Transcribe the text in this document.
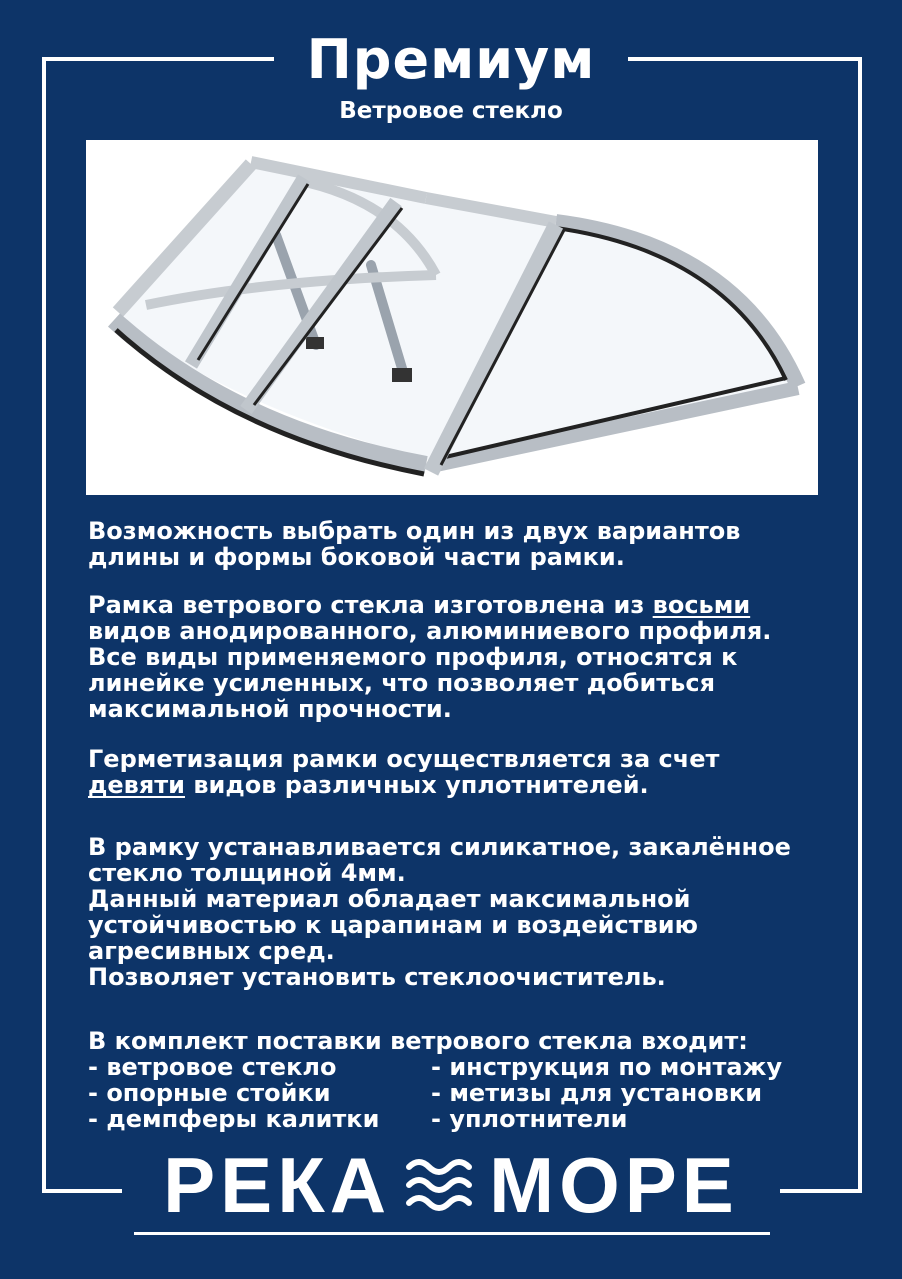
Премиум
Ветровое стекло

Возможность выбрать один из двух вариантов
длины и формы боковой части рамки.

Рамка ветрового стекла изготовлена из восьми
видов анодированного, алюминиевого профиля.
Все виды применяемого профиля, относятся к
линейке усиленных, что позволяет добиться
максимальной прочности.

Герметизация рамки осуществляется за счет
девяти видов различных уплотнителей.

В рамку устанавливается силикатное, закалённое
стекло толщиной 4мм.
Данный материал обладает максимальной
устойчивостью к царапинам и воздействию
агресивных сред.
Позволяет установить стеклоочиститель.

В комплект поставки ветрового стекла входит:
- ветровое стекло	- инструкция по монтажу
- опорные стойки	- метизы для установки
- демпферы калитки	- уплотнители
РЕКА МОРЕ
